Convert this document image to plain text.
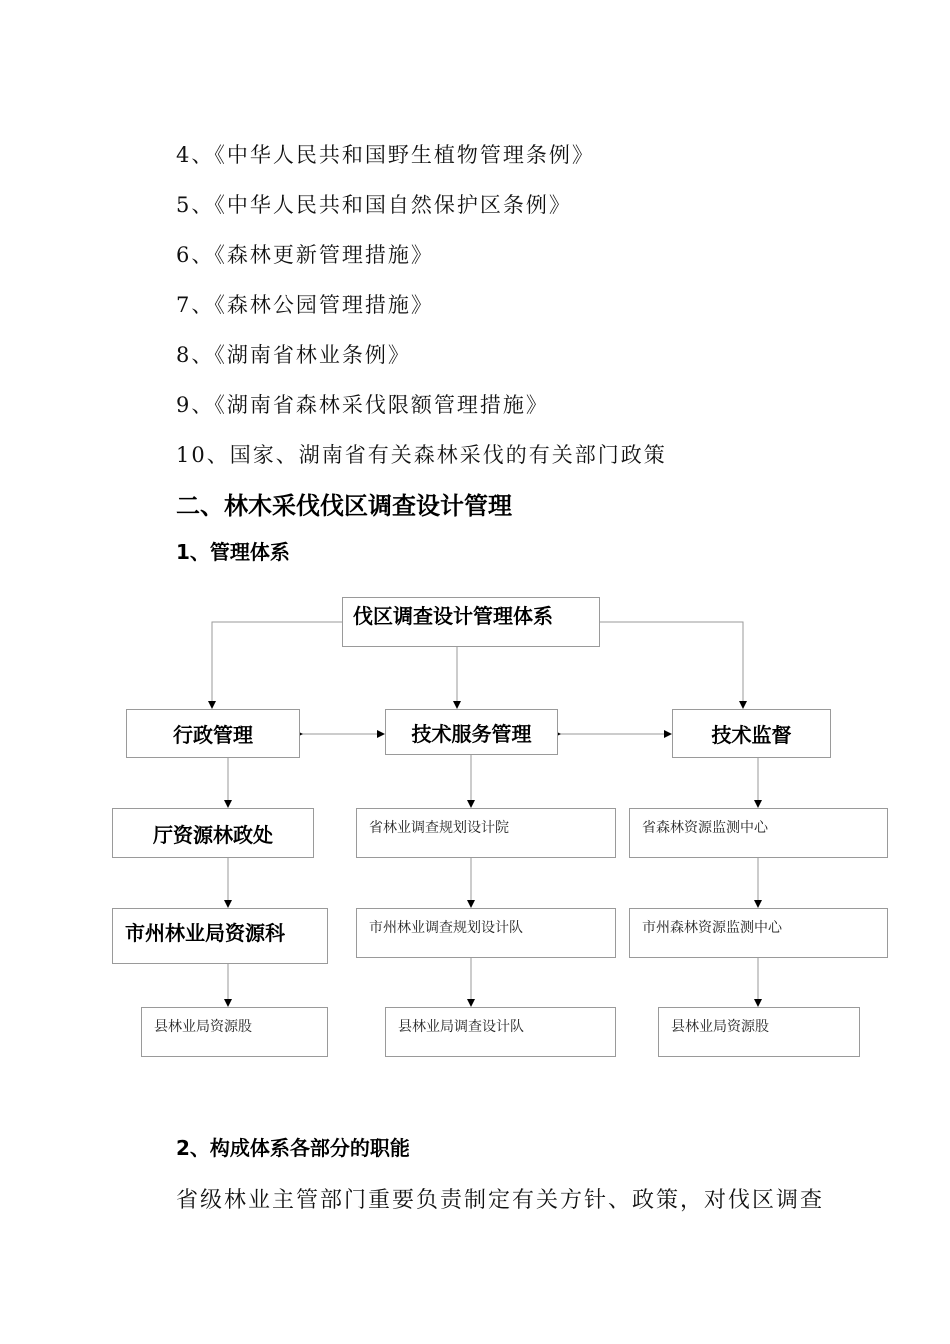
4、《中华人民共和国野生植物管理条例》
5、《中华人民共和国自然保护区条例》
6、《森林更新管理措施》
7、《森林公园管理措施》
8、《湖南省林业条例》
9、《湖南省森林采伐限额管理措施》
10、国家、湖南省有关森林采伐的有关部门政策
二、林木采伐伐区调查设计管理
1、管理体系
伐区调查设计管理体系
行政管理	技术服务管理	技术监督
厅资源林政处
市州林业局资源科
县林业局资源股
省林业调查规划设计院
市州林业调查规划设计队
县林业局调查设计队
省森林资源监测中心
市州森林资源监测中心
县林业局资源股
2、构成体系各部分的职能
省级林业主管部门重要负责制定有关方针、政策，对伐区调查
